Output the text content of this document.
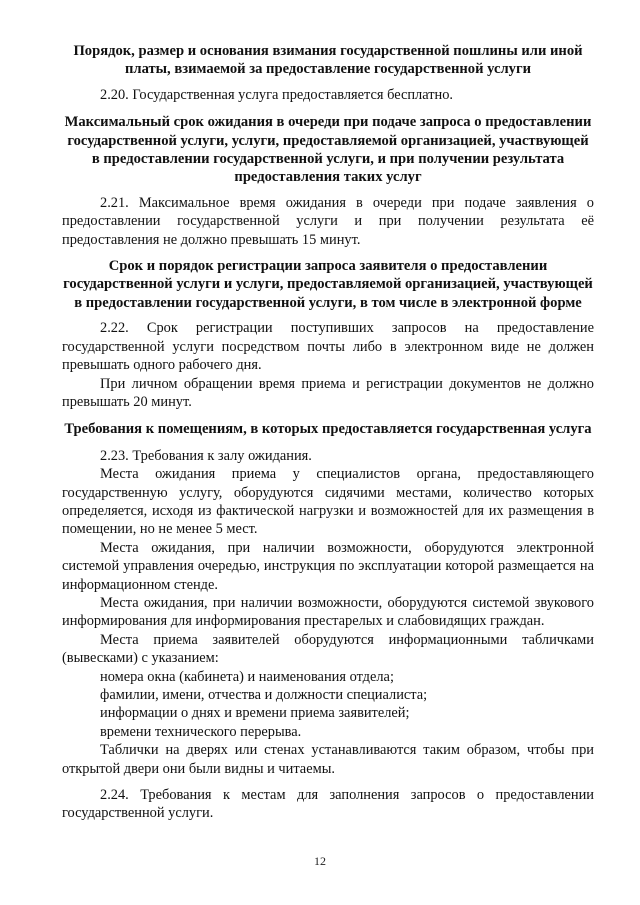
Порядок, размер и основания взимания государственной пошлины или иной платы, взимаемой за предоставление государственной услуги

2.20. Государственная услуга предоставляется бесплатно.

Максимальный срок ожидания в очереди при подаче запроса о предоставлении государственной услуги, услуги, предоставляемой организацией, участвующей в предоставлении государственной услуги, и при получении результата предоставления таких услуг

2.21. Максимальное время ожидания в очереди при подаче заявления о предоставлении государственной услуги и при получении результата её предоставления не должно превышать 15 минут.

Срок и порядок регистрации запроса заявителя о предоставлении государственной услуги и услуги, предоставляемой организацией, участвующей в предоставлении государственной услуги, в том числе в электронной форме

2.22. Срок регистрации поступивших запросов на предоставление государственной услуги посредством почты либо в электронном виде не должен превышать одного рабочего дня.

При личном обращении время приема и регистрации документов не должно превышать 20 минут.

Требования к помещениям, в которых предоставляется государственная услуга

2.23. Требования к залу ожидания.

Места ожидания приема у специалистов органа, предоставляющего государственную услугу, оборудуются сидячими местами, количество которых определяется, исходя из фактической нагрузки и возможностей для их размещения в помещении, но не менее 5 мест.

Места ожидания, при наличии возможности, оборудуются электронной системой управления очередью, инструкция по эксплуатации которой размещается на информационном стенде.

Места ожидания, при наличии возможности, оборудуются системой звукового информирования для информирования престарелых и слабовидящих граждан.

Места приема заявителей оборудуются информационными табличками (вывесками) с указанием:

номера окна (кабинета) и наименования отдела;

фамилии, имени, отчества и должности специалиста;

информации о днях и времени приема заявителей;

времени технического перерыва.

Таблички на дверях или стенах устанавливаются таким образом, чтобы при открытой двери они были видны и читаемы.

2.24. Требования к местам для заполнения запросов о предоставлении государственной услуги.

12
